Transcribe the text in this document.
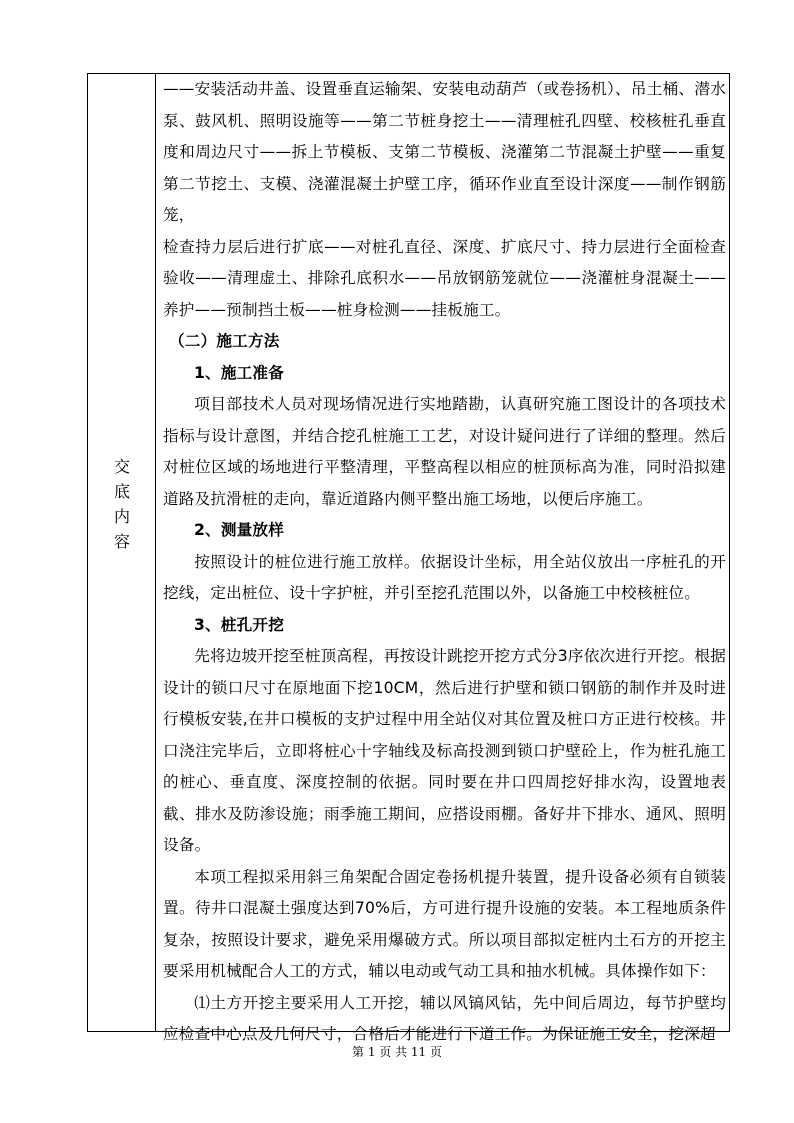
交
底
内
容

——安装活动井盖、设置垂直运输架、安装电动葫芦（或卷扬机）、吊土桶、潜水泵、鼓风机、照明设施等——第二节桩身挖土——清理桩孔四壁、校核桩孔垂直度和周边尺寸——拆上节模板、支第二节模板、浇灌第二节混凝土护壁——重复第二节挖土、支模、浇灌混凝土护壁工序，循环作业直至设计深度——制作钢筋笼，

检查持力层后进行扩底——对桩孔直径、深度、扩底尺寸、持力层进行全面检查验收——清理虚土、排除孔底积水——吊放钢筋笼就位——浇灌桩身混凝土——养护——预制挡土板——桩身检测——挂板施工。

（二）施工方法

1、施工准备

项目部技术人员对现场情况进行实地踏勘，认真研究施工图设计的各项技术指标与设计意图，并结合挖孔桩施工工艺，对设计疑问进行了详细的整理。然后对桩位区域的场地进行平整清理，平整高程以相应的桩顶标高为准，同时沿拟建道路及抗滑桩的走向，靠近道路内侧平整出施工场地，以便后序施工。

2、测量放样

按照设计的桩位进行施工放样。依据设计坐标，用全站仪放出一序桩孔的开挖线，定出桩位、设十字护桩，并引至挖孔范围以外，以备施工中校核桩位。

3、桩孔开挖

先将边坡开挖至桩顶高程，再按设计跳挖开挖方式分3序依次进行开挖。根据设计的锁口尺寸在原地面下挖10CM，然后进行护壁和锁口钢筋的制作并及时进行模板安装,在井口模板的支护过程中用全站仪对其位置及桩口方正进行校核。井口浇注完毕后，立即将桩心十字轴线及标高投测到锁口护壁砼上，作为桩孔施工的桩心、垂直度、深度控制的依据。同时要在井口四周挖好排水沟，设置地表截、排水及防渗设施；雨季施工期间，应搭设雨棚。备好井下排水、通风、照明设备。

本项工程拟采用斜三角架配合固定卷扬机提升装置，提升设备必须有自锁装置。待井口混凝土强度达到70%后，方可进行提升设施的安装。本工程地质条件复杂，按照设计要求，避免采用爆破方式。所以项目部拟定桩内土石方的开挖主要采用机械配合人工的方式，辅以电动或气动工具和抽水机械。具体操作如下：

⑴土方开挖主要采用人工开挖，辅以风镐风钻，先中间后周边，每节护壁均应检查中心点及几何尺寸，合格后才能进行下道工作。为保证施工安全，挖深超

第 1 页 共 11 页
